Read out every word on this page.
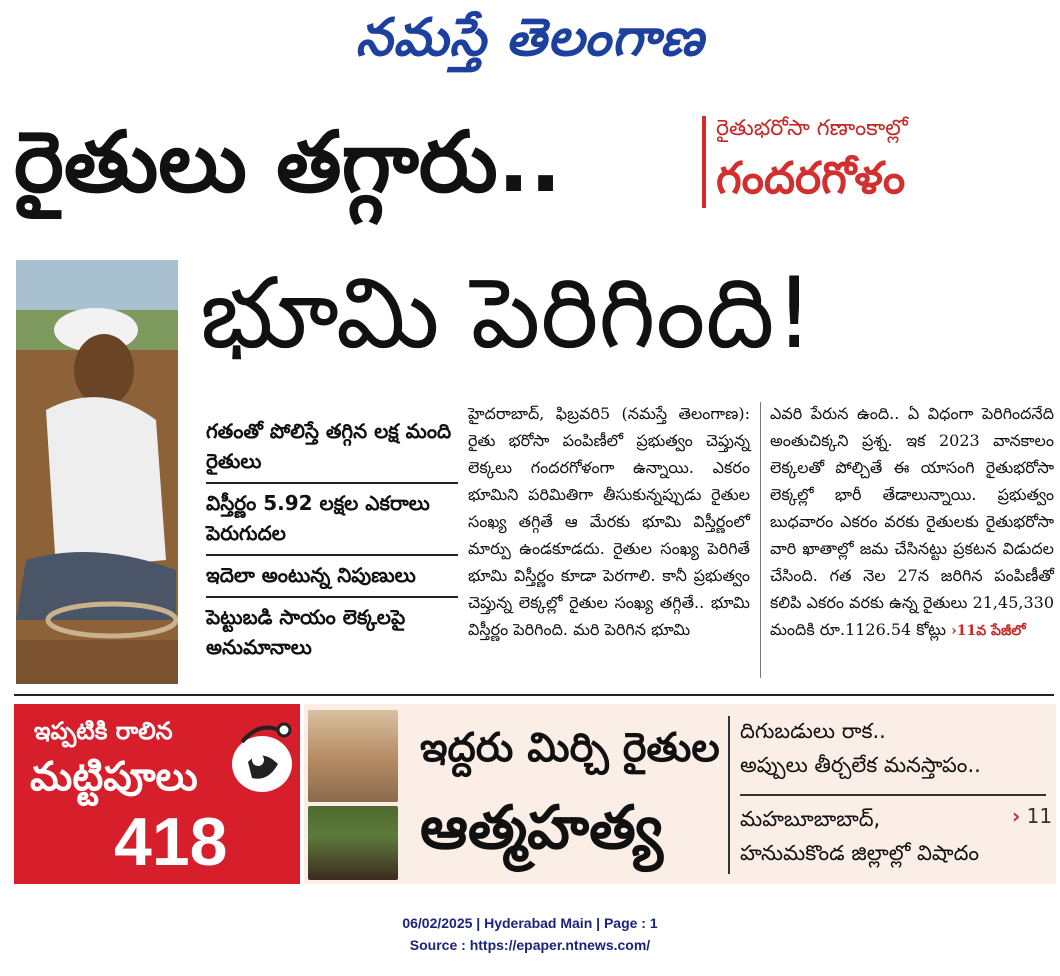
నమస్తే తెలంగాణ
రైతులు తగ్గారు..	రైతుభరోసా గణాంకాల్లో
గందరగోళం
భూమి పెరిగింది!
గతంతో పోలిస్తే తగ్గిన లక్ష మంది రైతులు
విస్తీర్ణం 5.92 లక్షల ఎకరాలు పెరుగుదల
ఇదెలా అంటున్న నిపుణులు
పెట్టుబడి సాయం లెక్కలపై అనుమానాలు
హైదరాబాద్, ఫిబ్రవరి5 (నమస్తే తెలంగాణ): రైతు భరోసా పంపిణీలో ప్రభుత్వం చెప్తున్న లెక్కలు గందరగోళంగా ఉన్నాయి. ఎకరం భూమిని పరిమితిగా తీసుకున్నప్పుడు రైతుల సంఖ్య తగ్గితే ఆ మేరకు భూమి విస్తీర్ణంలో మార్పు ఉండకూడదు. రైతుల సంఖ్య పెరిగితే భూమి విస్తీర్ణం కూడా పెరగాలి. కానీ ప్రభుత్వం చెప్తున్న లెక్కల్లో రైతుల సంఖ్య తగ్గితే.. భూమి విస్తీర్ణం పెరిగింది. మరి పెరిగిన భూమి
ఎవరి పేరున ఉంది.. ఏ విధంగా పెరిగిందనేది అంతుచిక్కని ప్రశ్న. ఇక 2023 వానకాలం లెక్కలతో పోల్చితే ఈ యాసంగి రైతుభరోసా లెక్కల్లో భారీ తేడాలున్నాయి. ప్రభుత్వం బుధవారం ఎకరం వరకు రైతులకు రైతుభరోసా వారి ఖాతాల్లో జమ చేసినట్టు ప్రకటన విడుదల చేసింది. గత నెల 27న జరిగిన పంపిణీతో కలిపి ఎకరం వరకు ఉన్న రైతులు 21,45,330 మందికి రూ.1126.54 కోట్లు ›11వ పేజీలో
ఇప్పటికి రాలిన
మట్టిపూలు
418
ఇద్దరు మిర్చి రైతుల
ఆత్మహత్య
దిగుబడులు రాక..
అప్పులు తీర్చలేక మనస్తాపం..
మహబూబాబాద్,
హనుమకొండ జిల్లాల్లో విషాదం
› 11
06/02/2025 | Hyderabad Main | Page : 1
Source : https://epaper.ntnews.com/
